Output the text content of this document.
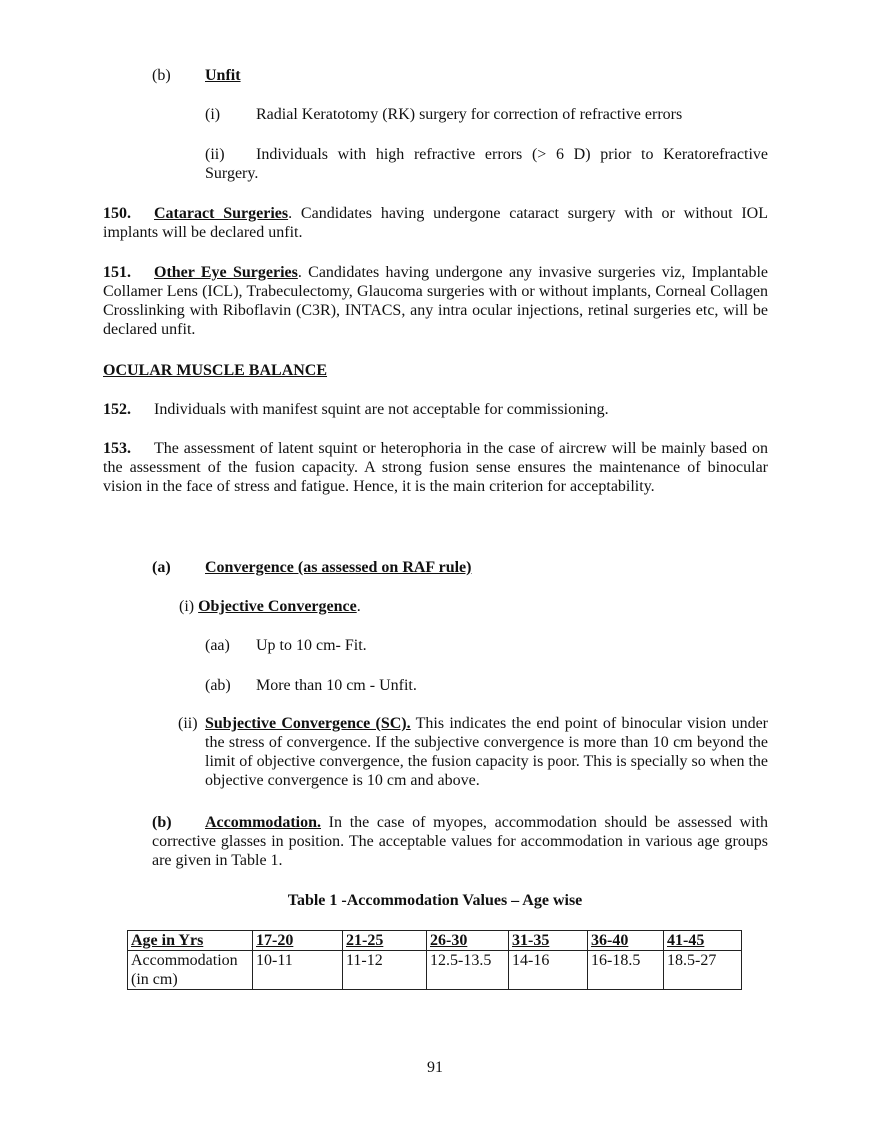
(b) Unfit
(i) Radial Keratotomy (RK) surgery for correction of refractive errors
(ii) Individuals with high refractive errors (> 6 D) prior to Keratorefractive Surgery.
150. Cataract Surgeries. Candidates having undergone cataract surgery with or without IOL implants will be declared unfit.
151. Other Eye Surgeries. Candidates having undergone any invasive surgeries viz, Implantable Collamer Lens (ICL), Trabeculectomy, Glaucoma surgeries with or without implants, Corneal Collagen Crosslinking with Riboflavin (C3R), INTACS, any intra ocular injections, retinal surgeries etc, will be declared unfit.
OCULAR MUSCLE BALANCE
152. Individuals with manifest squint are not acceptable for commissioning.
153. The assessment of latent squint or heterophoria in the case of aircrew will be mainly based on the assessment of the fusion capacity. A strong fusion sense ensures the maintenance of binocular vision in the face of stress and fatigue. Hence, it is the main criterion for acceptability.
(a) Convergence (as assessed on RAF rule)
(i) Objective Convergence.
(aa) Up to 10 cm- Fit.
(ab) More than 10 cm - Unfit.
(ii) Subjective Convergence (SC). This indicates the end point of binocular vision under the stress of convergence. If the subjective convergence is more than 10 cm beyond the limit of objective convergence, the fusion capacity is poor. This is specially so when the objective convergence is 10 cm and above.
(b) Accommodation. In the case of myopes, accommodation should be assessed with corrective glasses in position. The acceptable values for accommodation in various age groups are given in Table 1.
Table 1 -Accommodation Values – Age wise
Age in Yrs	17-20	21-25	26-30	31-35	36-40	41-45
Accommodation (in cm)	10-11	11-12	12.5-13.5	14-16	16-18.5	18.5-27
91
